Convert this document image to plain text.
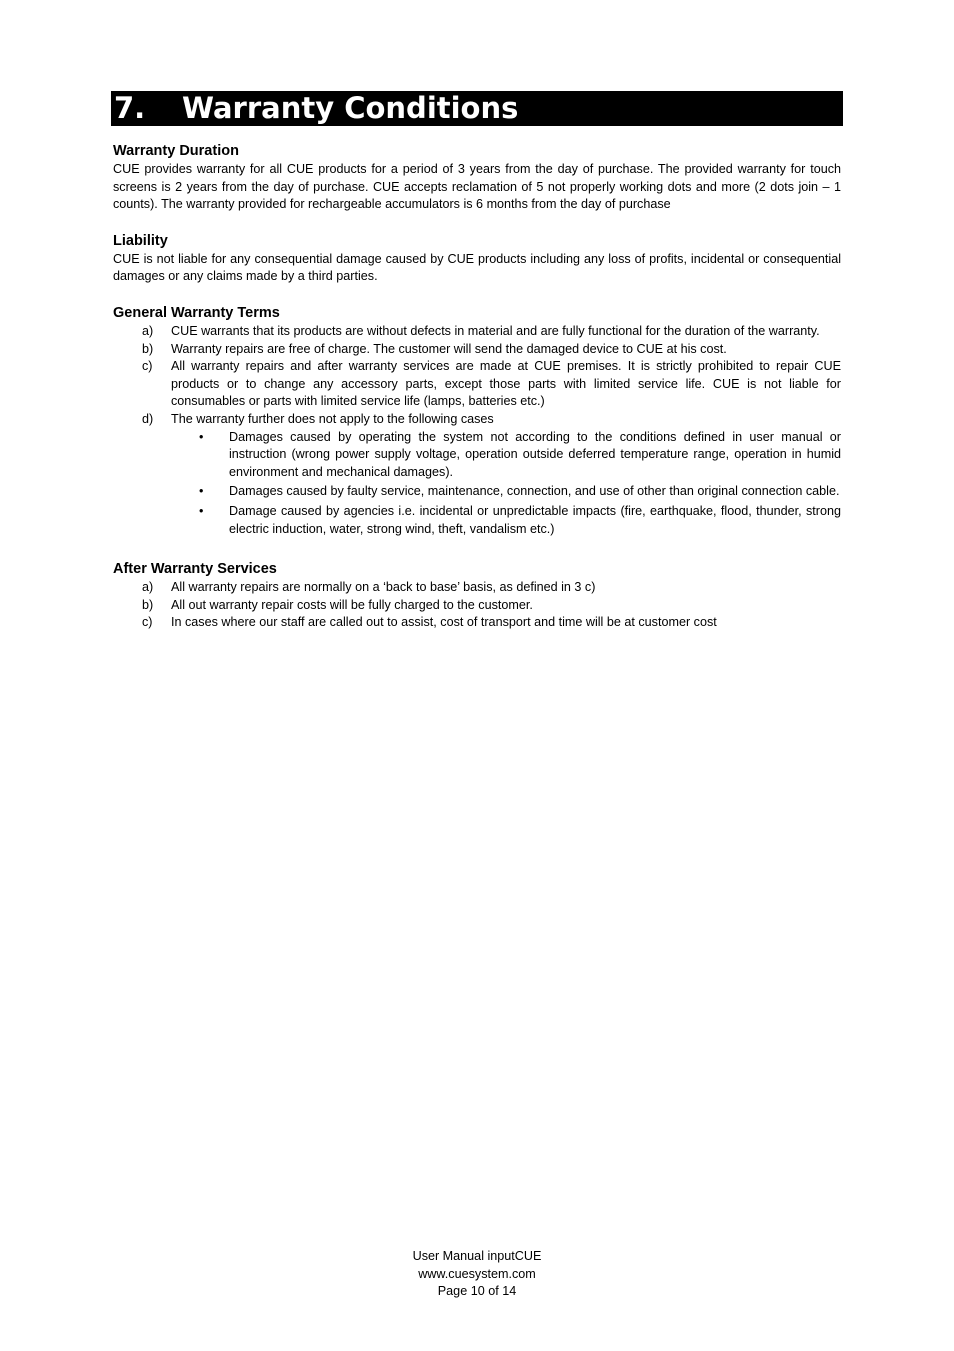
7. Warranty Conditions
Warranty Duration

CUE provides warranty for all CUE products for a period of 3 years from the day of purchase. The provided warranty for touch screens is 2 years from the day of purchase. CUE accepts reclamation of 5 not properly working dots and more (2 dots join – 1 counts). The warranty provided for rechargeable accumulators is 6 months from the day of purchase

Liability

CUE is not liable for any consequential damage caused by CUE products including any loss of profits, incidental or consequential damages or any claims made by a third parties.

General Warranty Terms
a) CUE warrants that its products are without defects in material and are fully functional for the duration of the warranty.
b) Warranty repairs are free of charge. The customer will send the damaged device to CUE at his cost.
c) All warranty repairs and after warranty services are made at CUE premises. It is strictly prohibited to repair CUE products or to change any accessory parts, except those parts with limited service life. CUE is not liable for consumables or parts with limited service life (lamps, batteries etc.)
d) The warranty further does not apply to the following cases
• Damages caused by operating the system not according to the conditions defined in user manual or instruction (wrong power supply voltage, operation outside deferred temperature range, operation in humid environment and mechanical damages).
• Damages caused by faulty service, maintenance, connection, and use of other than original connection cable.
• Damage caused by agencies i.e. incidental or unpredictable impacts (fire, earthquake, flood, thunder, strong electric induction, water, strong wind, theft, vandalism etc.)
After Warranty Services
a) All warranty repairs are normally on a ‘back to base’ basis, as defined in 3 c)
b) All out warranty repair costs will be fully charged to the customer.
c) In cases where our staff are called out to assist, cost of transport and time will be at customer cost
User Manual inputCUE
www.cuesystem.com
Page 10 of 14
